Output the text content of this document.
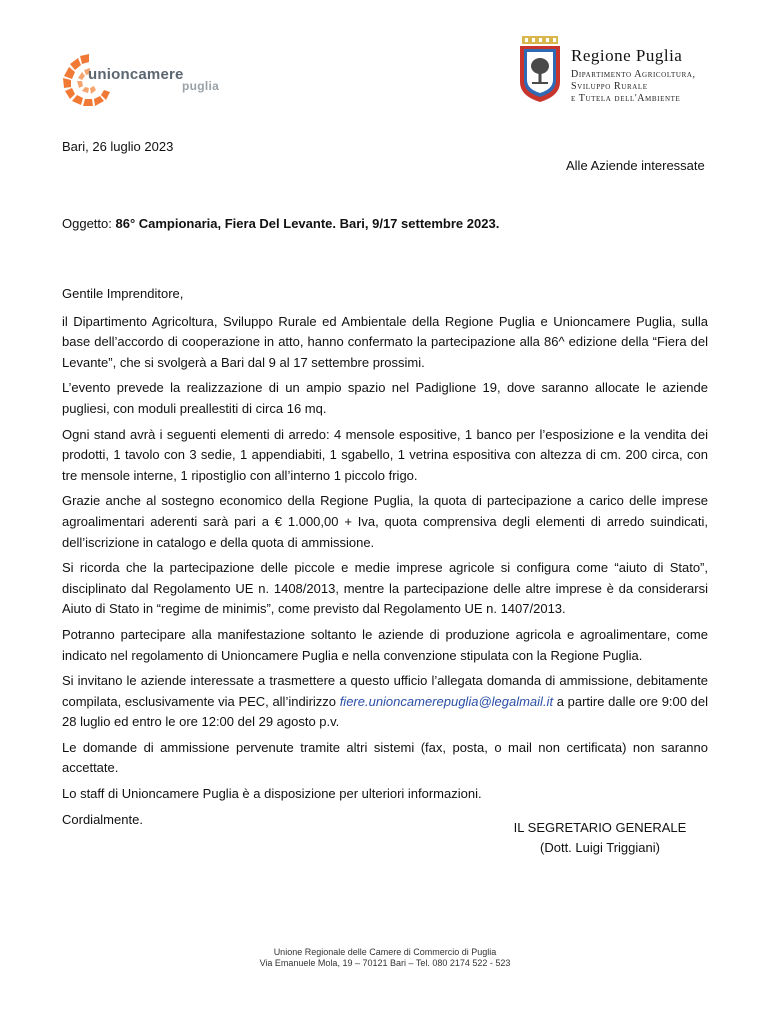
unioncamere
puglia
Regione Puglia
Dipartimento Agricoltura,
Sviluppo Rurale
e Tutela dell'Ambiente
Bari, 26 luglio 2023
Alle Aziende interessate
Oggetto: 86° Campionaria, Fiera Del Levante. Bari, 9/17 settembre 2023.

Gentile Imprenditore,

il Dipartimento Agricoltura, Sviluppo Rurale ed Ambientale della Regione Puglia e Unioncamere Puglia, sulla base dell’accordo di cooperazione in atto, hanno confermato la partecipazione alla 86^ edizione della “Fiera del Levante”, che si svolgerà a Bari dal 9 al 17 settembre prossimi.

L’evento prevede la realizzazione di un ampio spazio nel Padiglione 19, dove saranno allocate le aziende pugliesi, con moduli preallestiti di circa 16 mq.

Ogni stand avrà i seguenti elementi di arredo: 4 mensole espositive, 1 banco per l’esposizione e la vendita dei prodotti, 1 tavolo con 3 sedie, 1 appendiabiti, 1 sgabello, 1 vetrina espositiva con altezza di cm. 200 circa, con tre mensole interne, 1 ripostiglio con all’interno 1 piccolo frigo.

Grazie anche al sostegno economico della Regione Puglia, la quota di partecipazione a carico delle imprese agroalimentari aderenti sarà pari a € 1.000,00 + Iva, quota comprensiva degli elementi di arredo suindicati, dell’iscrizione in catalogo e della quota di ammissione.

Si ricorda che la partecipazione delle piccole e medie imprese agricole si configura come “aiuto di Stato”, disciplinato dal Regolamento UE n. 1408/2013, mentre la partecipazione delle altre imprese è da considerarsi Aiuto di Stato in “regime de minimis”, come previsto dal Regolamento UE n. 1407/2013.

Potranno partecipare alla manifestazione soltanto le aziende di produzione agricola e agroalimentare, come indicato nel regolamento di Unioncamere Puglia e nella convenzione stipulata con la Regione Puglia.

Si invitano le aziende interessate a trasmettere a questo ufficio l’allegata domanda di ammissione, debitamente compilata, esclusivamente via PEC, all’indirizzo fiere.unioncamerepuglia@legalmail.it a partire dalle ore 9:00 del 28 luglio ed entro le ore 12:00 del 29 agosto p.v.

Le domande di ammissione pervenute tramite altri sistemi (fax, posta, o mail non certificata) non saranno accettate.

Lo staff di Unioncamere Puglia è a disposizione per ulteriori informazioni.

Cordialmente.

IL SEGRETARIO GENERALE
(Dott. Luigi Triggiani)
Unione Regionale delle Camere di Commercio di Puglia
Via Emanuele Mola, 19 – 70121 Bari – Tel. 080 2174 522 - 523
